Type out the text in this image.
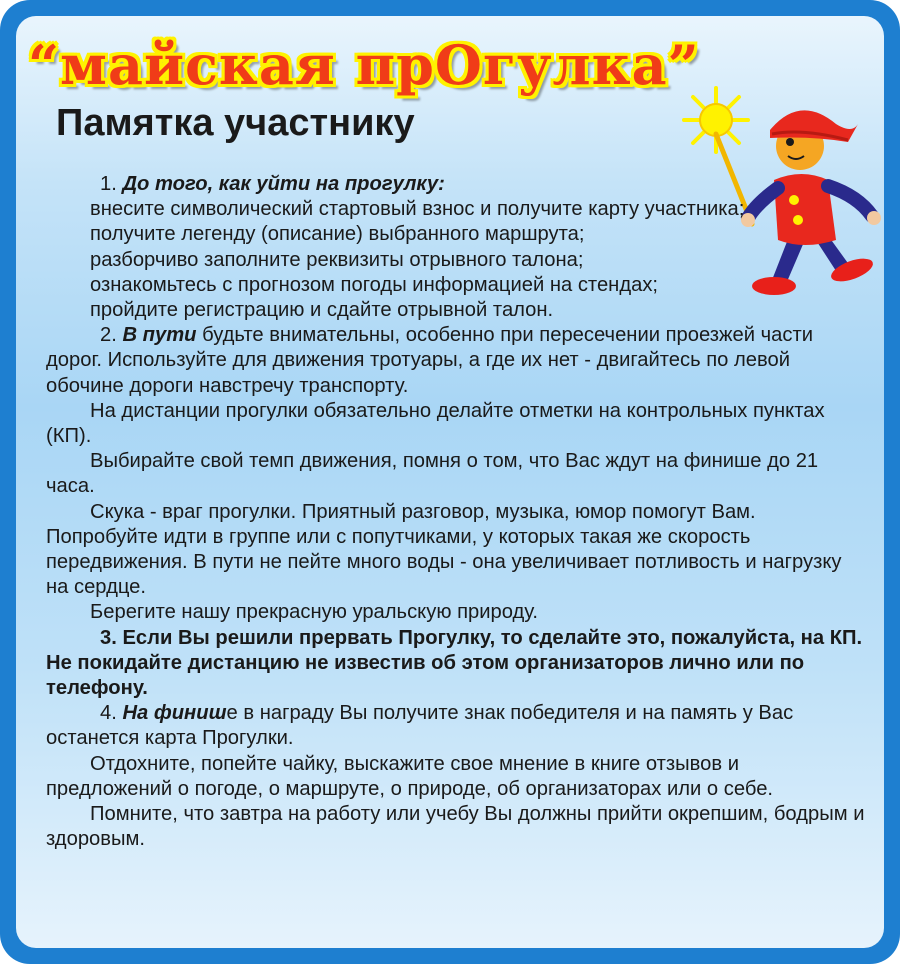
“майская прОгулка”
Памятка участнику

1. До того, как уйти на прогулку:

внесите символический стартовый взнос и получите карту участника;

получите легенду (описание) выбранного маршрута;

разборчиво заполните реквизиты отрывного талона;

ознакомьтесь с прогнозом погоды информацией на стендах;

пройдите регистрацию и сдайте отрывной талон.

2. В пути будьте внимательны, особенно при пересечении проезжей части дорог. Используйте для движения тротуары, а где их нет - двигайтесь по левой обочине дороги навстречу транспорту.

На дистанции прогулки обязательно делайте отметки на контрольных пунктах (КП).

Выбирайте свой темп движения, помня о том, что Вас ждут на финише до 21 часа.

Скука - враг прогулки. Приятный разговор, музыка, юмор помогут Вам. Попробуйте идти в группе или с попутчиками, у которых такая же скорость передвижения. В пути не пейте много воды - она увеличивает потливость и нагрузку на сердце.

Берегите нашу прекрасную уральскую природу.

3. Если Вы решили прервать Прогулку, то сделайте это, пожалуйста, на КП. Не покидайте дистанцию не известив об этом организаторов лично или по телефону.

4. На финише в награду Вы получите знак победителя и на память у Вас останется карта Прогулки.

Отдохните, попейте чайку, выскажите свое мнение в книге отзывов и предложений о погоде, о маршруте, о природе, об организаторах или о себе.

Помните, что завтра на работу или учебу Вы должны прийти окрепшим, бодрым и здоровым.
